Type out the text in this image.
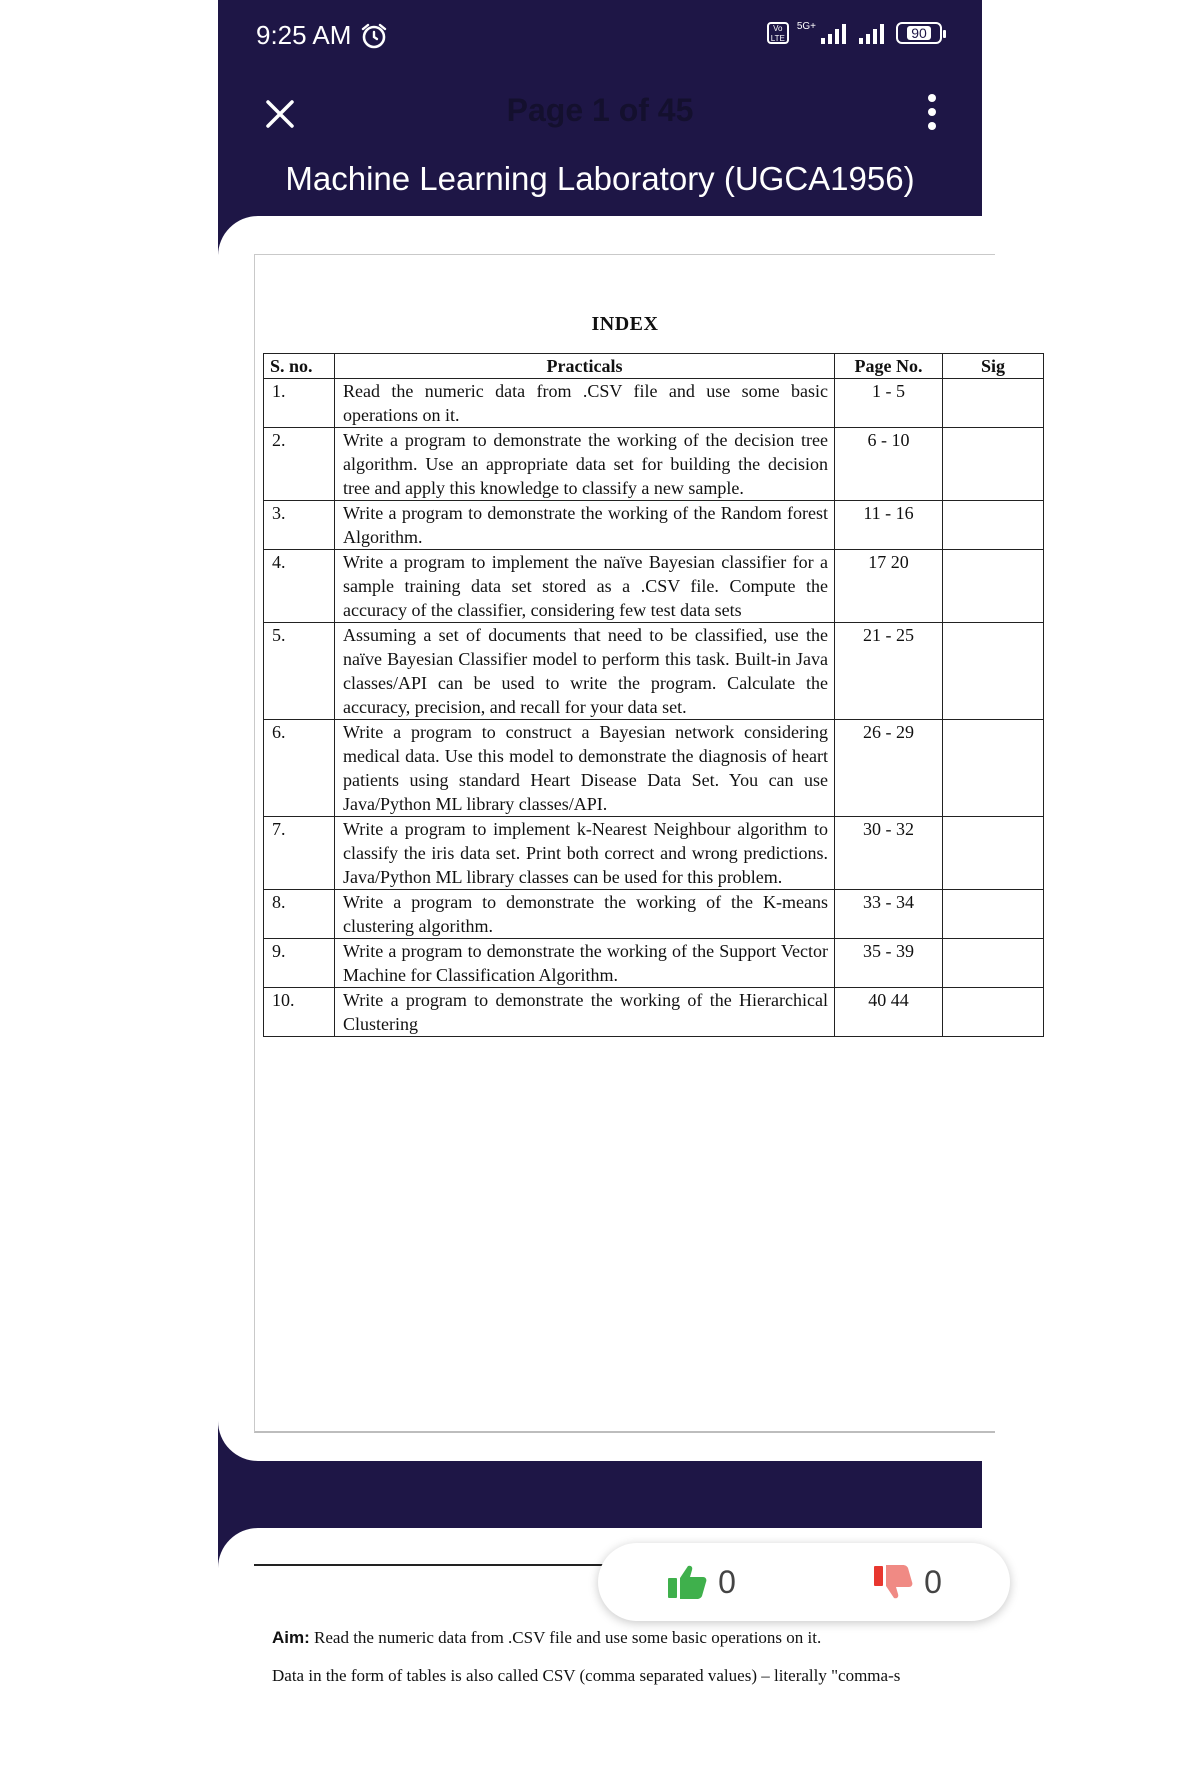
9:25 AM	Vo LTE
5G+	90
Page 1 of 45
Machine Learning Laboratory (UGCA1956)
INDEX
S. no.	Practicals	Page No.	Sig
1.	Read the numeric data from .CSV file and use some basic operations on it.	1 - 5	
2.	Write a program to demonstrate the working of the decision tree algorithm. Use an appropriate data set for building the decision tree and apply this knowledge to classify a new sample.	6 - 10	
3.	Write a program to demonstrate the working of the Random forest Algorithm.	11 - 16	
4.	Write a program to implement the naïve Bayesian classifier for a sample training data set stored as a .CSV file. Compute the accuracy of the classifier, considering few test data sets	17 20	
5.	Assuming a set of documents that need to be classified, use the naïve Bayesian Classifier model to perform this task. Built-in Java classes/API can be used to write the program. Calculate the accuracy, precision, and recall for your data set.	21 - 25	
6.	Write a program to construct a Bayesian network considering medical data. Use this model to demonstrate the diagnosis of heart patients using standard Heart Disease Data Set. You can use Java/Python ML library classes/API.	26 - 29	
7.	Write a program to implement k-Nearest Neighbour algorithm to classify the iris data set. Print both correct and wrong predictions. Java/Python ML library classes can be used for this problem.	30 - 32	
8.	Write a program to demonstrate the working of the K-means clustering algorithm.	33 - 34	
9.	Write a program to demonstrate the working of the Support Vector Machine for Classification Algorithm.	35 - 39	
10.	Write a program to demonstrate the working of the Hierarchical Clustering	40 44	
Aim: Read the numeric data from .CSV file and use some basic operations on it.
Data in the form of tables is also called CSV (comma separated values) – literally "comma-s
0	0
